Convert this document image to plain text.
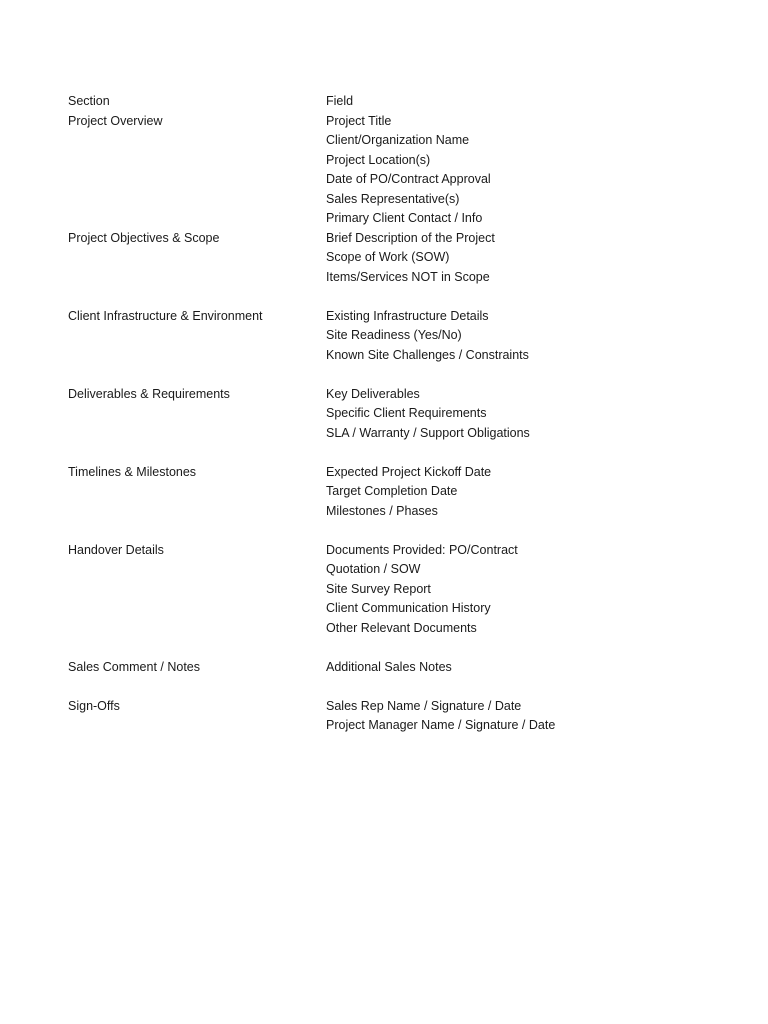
Section	Field
Project Overview	Project Title
Client/Organization Name
Project Location(s)
Date of PO/Contract Approval
Sales Representative(s)
Primary Client Contact / Info
Project Objectives & Scope	Brief Description of the Project
Scope of Work (SOW)
Items/Services NOT in Scope
Client Infrastructure & Environment	Existing Infrastructure Details
Site Readiness (Yes/No)
Known Site Challenges / Constraints
Deliverables & Requirements	Key Deliverables
Specific Client Requirements
SLA / Warranty / Support Obligations
Timelines & Milestones	Expected Project Kickoff Date
Target Completion Date
Milestones / Phases
Handover Details	Documents Provided: PO/Contract
Quotation / SOW
Site Survey Report
Client Communication History
Other Relevant Documents
Sales Comment / Notes	Additional Sales Notes
Sign-Offs	Sales Rep Name / Signature / Date
Project Manager Name / Signature / Date
